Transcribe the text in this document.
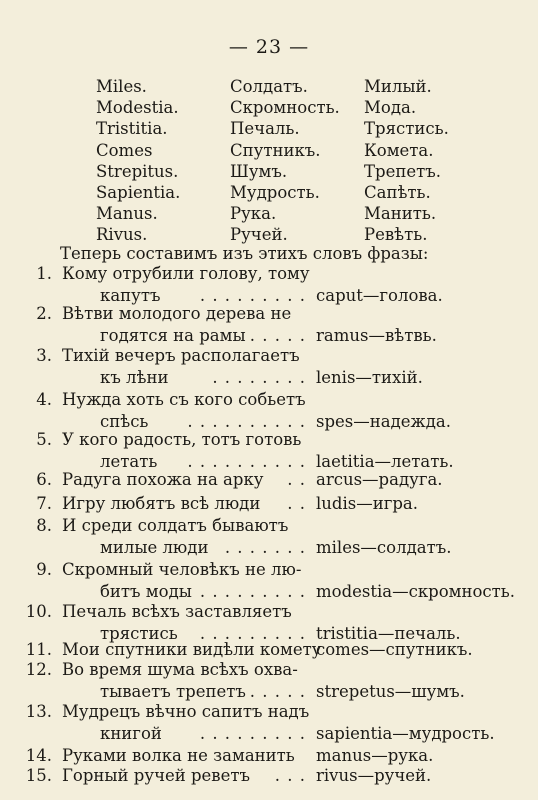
— 23 —
Miles.	Солдатъ.	Милый.
Modestia.	Скромность.	Мода.
Tristitia.	Печаль.	Трястись.
Comes	Спутникъ.	Комета.
Strepitus.	Шумъ.	Трепетъ.
Sapientia.	Мудрость.	Сапѣть.
Manus.	Рука.	Манить.
Rivus.	Ручей.	Ревѣть.
Теперь составимъ изъ этихъ словъ фразы:
1. Кому отрубили голову, тому
капутъ . . . . . . . . . caput—голова.
2. Вѣтви молодого дерева не
годятся на рамы . . . . . ramus—вѣтвь.
3. Тихій вечеръ располагаетъ
къ лѣни	. . . . . . . . lenis—тихій.
4. Нужда хоть съ кого собьетъ
спѣсь . . . . . . . . . . spes—надежда.
5. У кого радость, тотъ готовь
летать . . . . . . . . . . laetitia—летать.
6. Радуга похожа на арку . . arcus—радуга.
7. Игру любятъ всѣ люди . . ludis—игра.
8. И среди солдатъ бываютъ
милые люди . . . . . . . miles—солдатъ.
9. Скромный человѣкъ не лю-
битъ моды . . . . . . . . . modestia—скромность.
10. Печаль всѣхъ заставляетъ
трястись . . . . . . . . . tristitia—печаль.
11. Мои спутники видѣли комету
comes—спутникъ.
12. Во время шума всѣхъ охва-
тываетъ трепетъ . . . . . strepetus—шумъ.
13. Мудрецъ вѣчно сапитъ надъ
книгой . . . . . . . . . sapientia—мудрость.
14. Руками волка не заманить manus—рука.
15. Горный ручей реветъ . . . rivus—ручей.
